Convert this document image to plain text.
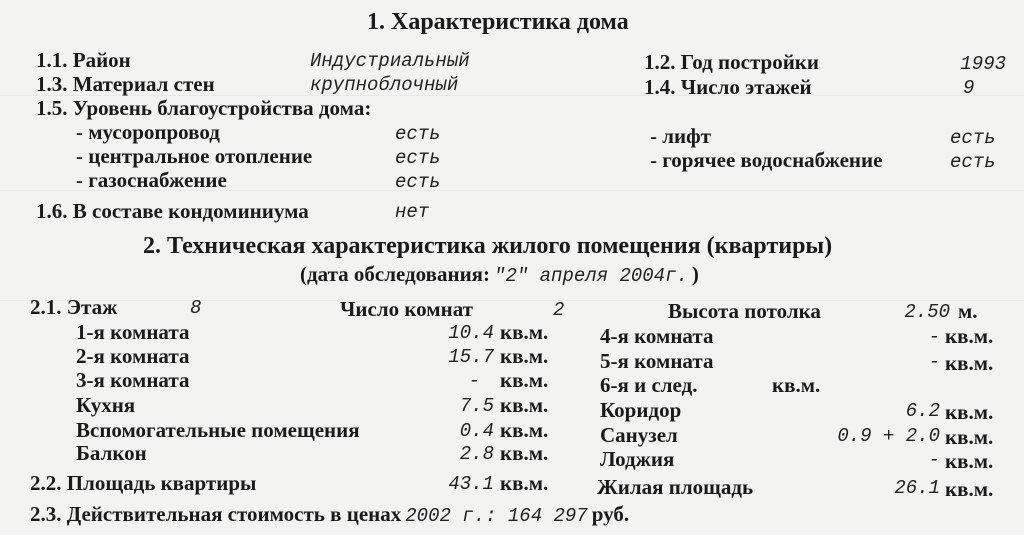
1. Характеристика дома
1.1. Район	Индустриальный	1.2. Год постройки	1993
1.3. Материал стен	крупноблочный	1.4. Число этажей	9
1.5. Уровень благоустройства дома:
- мусоропровод	есть	- лифт	есть
- центральное отопление	есть	- горячее водоснабжение	есть
- газоснабжение	есть
1.6. В составе кондоминиума	нет
2. Техническая характеристика жилого помещения (квартиры)
(дата обследования: "2" апреля 2004г. )
2.1. Этаж	8	Число комнат	2	Высота потолка	2.50 м.
1-я комната	10.4 кв.м.
2-я комната	15.7 кв.м.
3-я комната	- кв.м.
Кухня	7.5 кв.м.
Вспомогательные помещения	0.4 кв.м.
Балкон	2.8 кв.м.
4-я комната	- кв.м.
5-я комната	- кв.м.
6-я и след.	кв.м.
Коридор	6.2 кв.м.
Санузел	0.9 + 2.0 кв.м.
Лоджия	- кв.м.
2.2. Площадь квартиры	43.1 кв.м. Жилая площадь	26.1 кв.м.
2.3. Действительная стоимость в ценах 2002 г.: 164 297 руб.
